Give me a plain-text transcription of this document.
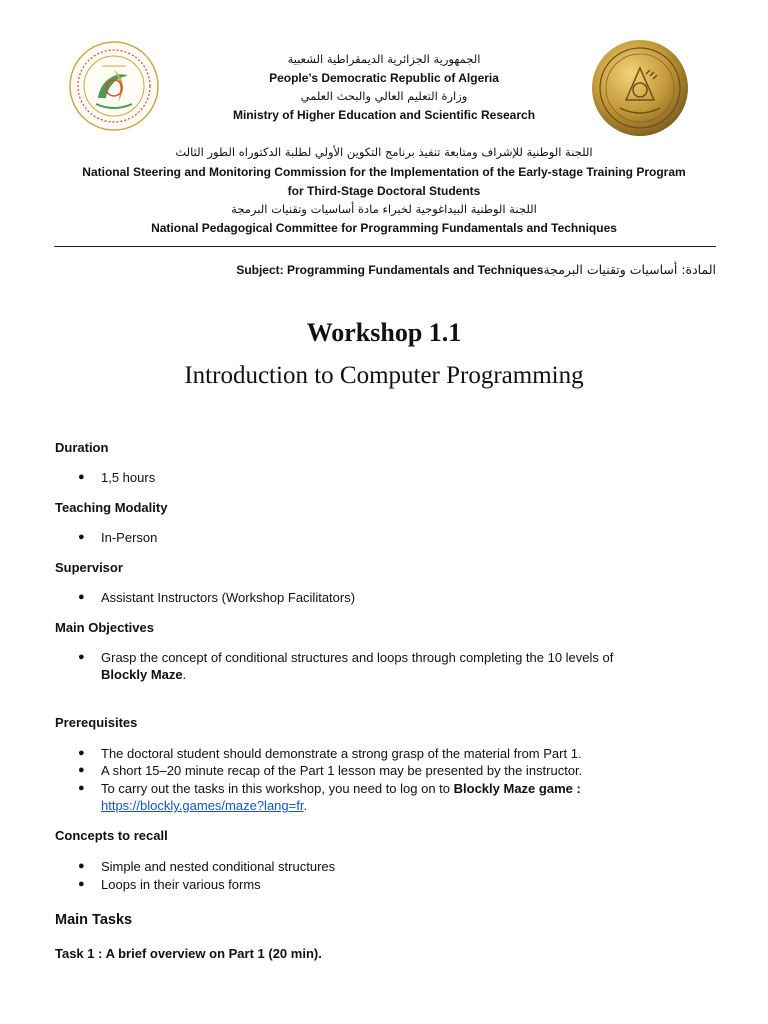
الجمهورية الجزائرية الديمقراطية الشعبية
People’s Democratic Republic of Algeria
وزارة التعليم العالي والبحث العلمي
Ministry of Higher Education and Scientific Research
اللجنة الوطنية للإشراف ومتابعة تنفيذ برنامج التكوين الأولي لطلبة الدكتوراه الطور الثالث
National Steering and Monitoring Commission for the Implementation of the Early-stage Training Program
for Third-Stage Doctoral Students
اللجنة الوطنية البيداغوجية لخبراء مادة أساسيات وتقنيات البرمجة
National Pedagogical Committee for Programming Fundamentals and Techniques
Subject: Programming Fundamentals and Techniquesالمادة: أساسيات وتقنيات البرمجة
Workshop 1.1
Introduction to Computer Programming
Duration
● 1,5 hours
Teaching Modality
● In-Person
Supervisor
● Assistant Instructors (Workshop Facilitators)
Main Objectives
● Grasp the concept of conditional structures and loops through completing the 10 levels of
Blockly Maze.
Prerequisites
● The doctoral student should demonstrate a strong grasp of the material from Part 1.
● A short 15–20 minute recap of the Part 1 lesson may be presented by the instructor.
● To carry out the tasks in this workshop, you need to log on to Blockly Maze game :
https://blockly.games/maze?lang=fr.
Concepts to recall
● Simple and nested conditional structures
● Loops in their various forms
Main Tasks
Task 1 : A brief overview on Part 1 (20 min).
